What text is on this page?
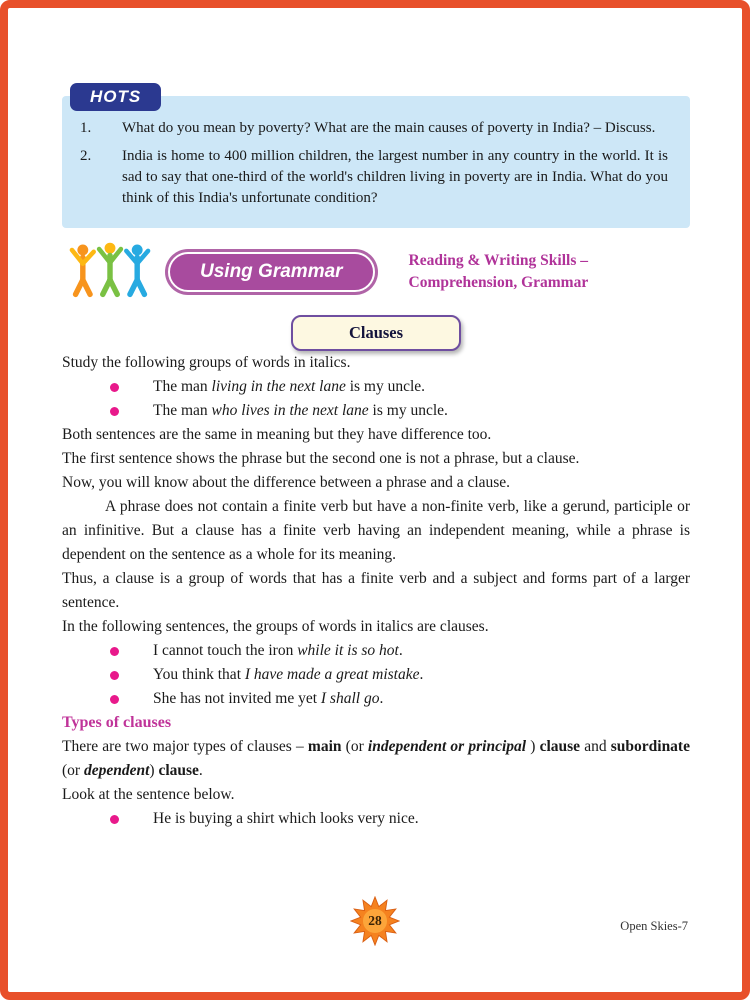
HOTS
1.	What do you mean by poverty? What are the main causes of poverty in India? – Discuss.
2.	India is home to 400 million children, the largest number in any country in the world. It is sad to say that one-third of the world's children living in poverty are in India. What do you think of this India's unfortunate condition?
Using Grammar
Reading & Writing Skills –
Comprehension, Grammar
Clauses

Study the following groups of words in italics.

The man living in the next lane is my uncle.
The man who lives in the next lane is my uncle.

Both sentences are the same in meaning but they have difference too.

The first sentence shows the phrase but the second one is not a phrase, but a clause.

Now, you will know about the difference between a phrase and a clause.

A phrase does not contain a finite verb but have a non-finite verb, like a gerund, participle or an infinitive. But a clause has a finite verb having an independent meaning, while a phrase is dependent on the sentence as a whole for its meaning.

Thus, a clause is a group of words that has a finite verb and a subject and forms part of a larger sentence.

In the following sentences, the groups of words in italics are clauses.

I cannot touch the iron while it is so hot.
You think that I have made a great mistake.
She has not invited me yet I shall go.

Types of clauses

There are two major types of clauses – main (or independent or principal ) clause and subordinate (or dependent) clause.

Look at the sentence below.

He is buying a shirt which looks very nice.
28	Open Skies-7
